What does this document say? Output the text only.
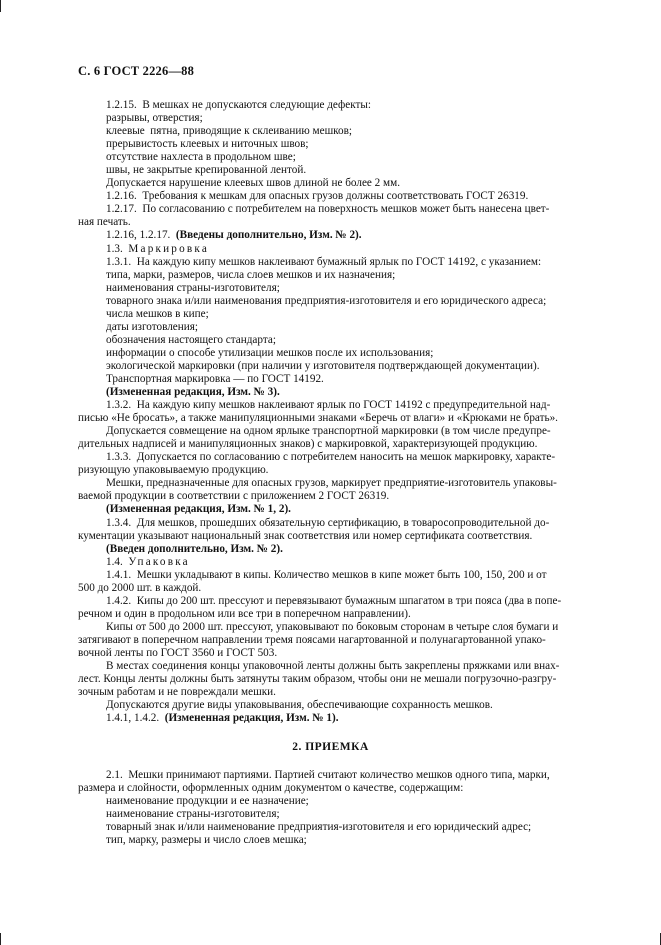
С. 6 ГОСТ 2226—88
1.2.15.  В мешках не допускаются следующие дефекты:
разрывы, отверстия;
клеевые  пятна, приводящие к склеиванию мешков;
прерывистость клеевых и ниточных швов;
отсутствие нахлеста в продольном шве;
швы, не закрытые крепированной лентой.
Допускается нарушение клеевых швов длиной не более 2 мм.
1.2.16.  Требования к мешкам для опасных грузов должны соответствовать ГОСТ 26319.
1.2.17.  По согласованию с потребителем на поверхность мешков может быть нанесена цвет-
ная печать.
1.2.16, 1.2.17.  (Введены дополнительно, Изм. № 2).
1.3.  Маркировка
1.3.1.  На каждую кипу мешков наклеивают бумажный ярлык по ГОСТ 14192, с указанием:
типа, марки, размеров, числа слоев мешков и их назначения;
наименования страны-изготовителя;
товарного знака и/или наименования предприятия-изготовителя и его юридического адреса;
числа мешков в кипе;
даты изготовления;
обозначения настоящего стандарта;
информации о способе утилизации мешков после их использования;
экологической маркировки (при наличии у изготовителя подтверждающей документации).
Транспортная маркировка — по ГОСТ 14192.
(Измененная редакция, Изм. № 3).
1.3.2.  На каждую кипу мешков наклеивают ярлык по ГОСТ 14192 с предупредительной над-
писью «Не бросать», а также манипуляционными знаками «Беречь от влаги» и «Крюками не брать».
Допускается совмещение на одном ярлыке транспортной маркировки (в том числе предупре-
дительных надписей и манипуляционных знаков) с маркировкой, характеризующей продукцию.
1.3.3.  Допускается по согласованию с потребителем наносить на мешок маркировку, характе-
ризующую упаковываемую продукцию.
Мешки, предназначенные для опасных грузов, маркирует предприятие-изготовитель упаковы-
ваемой продукции в соответствии с приложением 2 ГОСТ 26319.
(Измененная редакция, Изм. № 1, 2).
1.3.4.  Для мешков, прошедших обязательную сертификацию, в товаросопроводительной до-
кументации указывают национальный знак соответствия или номер сертификата соответствия.
(Введен дополнительно, Изм. № 2).
1.4.  Упаковка
1.4.1.  Мешки укладывают в кипы. Количество мешков в кипе может быть 100, 150, 200 и от
500 до 2000 шт. в каждой.
1.4.2.  Кипы до 200 шт. прессуют и перевязывают бумажным шпагатом в три пояса (два в попе-
речном и один в продольном или все три в поперечном направлении).
Кипы от 500 до 2000 шт. прессуют, упаковывают по боковым сторонам в четыре слоя бумаги и
затягивают в поперечном направлении тремя поясами нагартованной и полунагартованной упако-
вочной ленты по ГОСТ 3560 и ГОСТ 503.
В местах соединения концы упаковочной ленты должны быть закреплены пряжками или внах-
лест. Концы ленты должны быть затянуты таким образом, чтобы они не мешали погрузочно-разгру-
зочным работам и не повреждали мешки.
Допускаются другие виды упаковывания, обеспечивающие сохранность мешков.
1.4.1, 1.4.2.  (Измененная редакция, Изм. № 1).
2. ПРИЕМКА
2.1.  Мешки принимают партиями. Партией считают количество мешков одного типа, марки,
размера и слойности, оформленных одним документом о качестве, содержащим:
наименование продукции и ее назначение;
наименование страны-изготовителя;
товарный знак и/или наименование предприятия-изготовителя и его юридический адрес;
тип, марку, размеры и число слоев мешка;
